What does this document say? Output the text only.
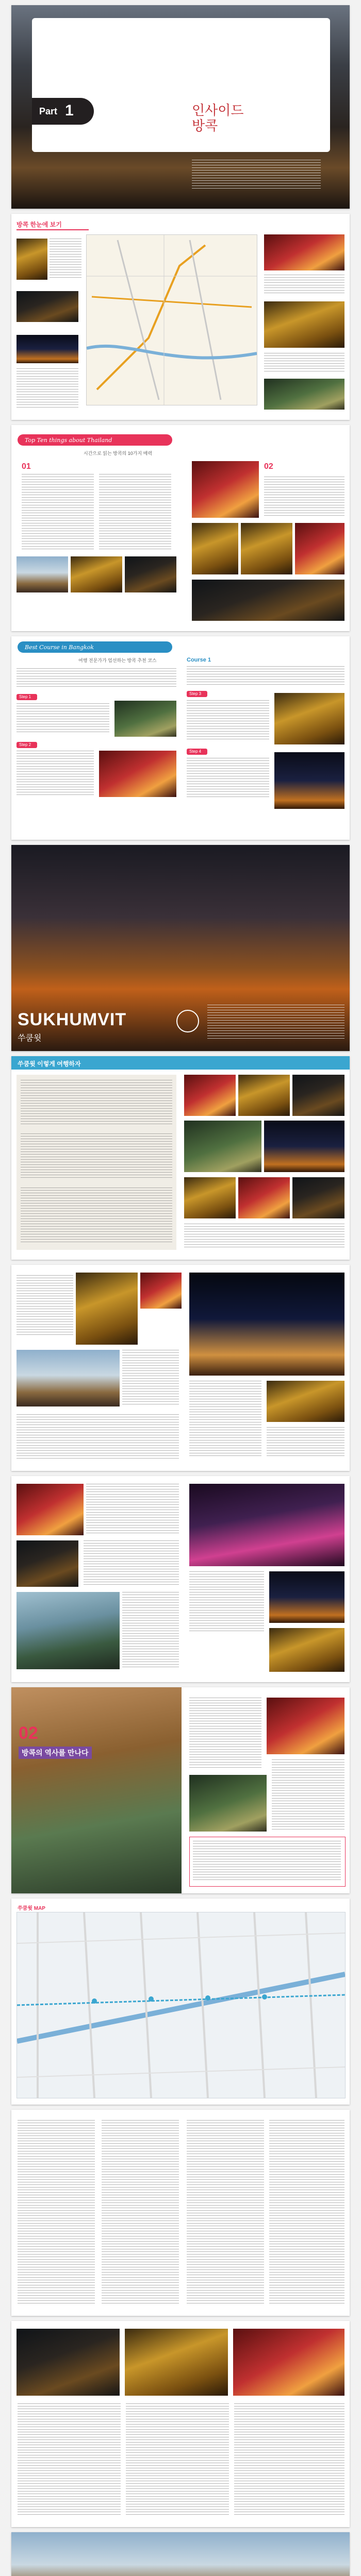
Part 1	인사이드
방콕
방콕 한눈에 보기
Top Ten things about Thailand
시간으로 읽는 방콕의 10가지 매력
01	02
Best Course in Bangkok
여행 전문가가 엄선하는 방콕 추천 코스
Step 1
Step 2
Course 1
Step 3
Step 4
SUKHUMVIT
쑤쿰윗
쑤쿰윗 이렇게 여행하자
02
방콕의 역사를 만나다
쑤쿰윗 MAP
